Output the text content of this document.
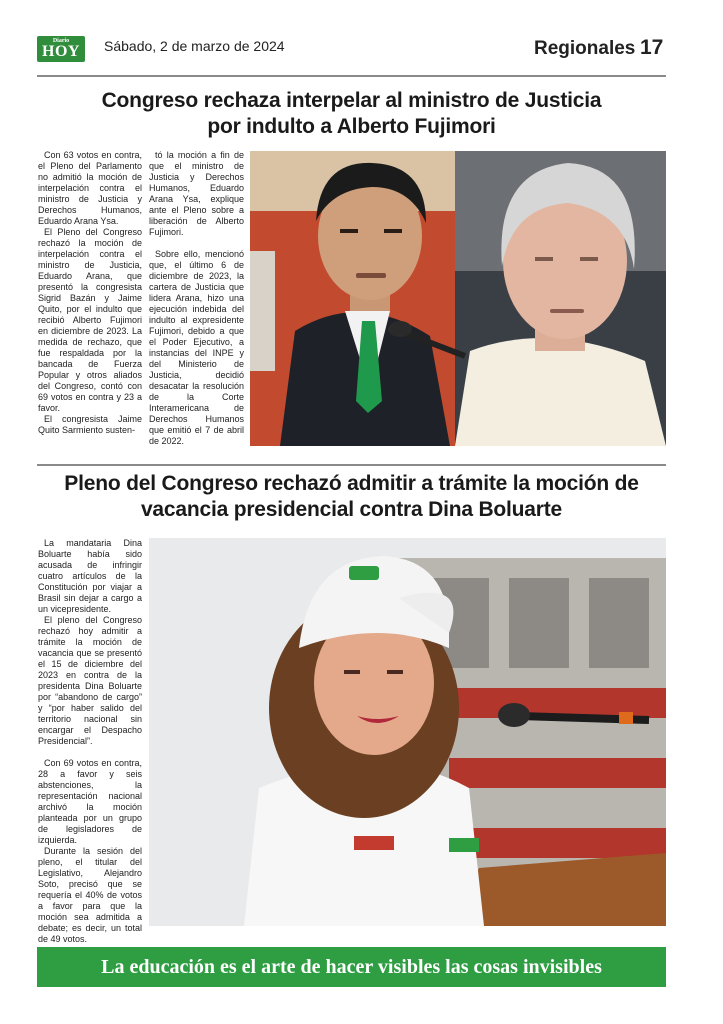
Diario
HOY	Sábado, 2 de marzo de 2024	Regionales 17
Congreso rechaza interpelar al ministro de Justicia
por indulto a Alberto Fujimori

Con 63 votos en contra, el Pleno del Parlamento no admitió la moción de interpelación contra el ministro de Justicia y Derechos Humanos, Eduardo Arana Ysa.

El Pleno del Congreso rechazó la moción de interpelación contra el ministro de Justicia, Eduardo Arana, que presentó la congresista Sigrid Bazán y Jaime Quito, por el indulto que recibió Alberto Fujimori en diciembre de 2023. La medida de rechazo, que fue respaldada por la bancada de Fuerza Popular y otros aliados del Congreso, contó con 69 votos en contra y 23 a favor.

El congresista Jaime Quito Sarmiento susten-

tó la moción a fin de que el ministro de Justicia y Derechos Humanos, Eduardo Arana Ysa, explique ante el Pleno sobre a liberación de Alberto Fujimori.

Sobre ello, mencionó que, el último 6 de diciembre de 2023, la cartera de Justicia que lidera Arana, hizo una ejecución indebida del indulto al expresidente Fujimori, debido a que el Poder Ejecutivo, a instancias del INPE y del Ministerio de Justicia, decidió desacatar la resolución de la Corte Interamericana de Derechos Humanos que emitió el 7 de abril de 2022.

Pleno del Congreso rechazó admitir a trámite la moción de
vacancia presidencial contra Dina Boluarte

La mandataria Dina Boluarte había sido acusada de infringir cuatro artículos de la Constitución por viajar a Brasil sin dejar a cargo a un vicepresidente.

El pleno del Congreso rechazó hoy admitir a trámite la moción de vacancia que se presentó el 15 de diciembre del 2023 en contra de la presidenta Dina Boluarte por “abandono de cargo” y “por haber salido del territorio nacional sin encargar el Despacho Presidencial”.

Con 69 votos en contra, 28 a favor y seis abstenciones, la representación nacional archivó la moción planteada por un grupo de legisladores de izquierda.

Durante la sesión del pleno, el titular del Legislativo, Alejandro Soto, precisó que se requería el 40% de votos a favor para que la moción sea admitida a debate; es decir, un total de 49 votos.

La educación es el arte de hacer visibles las cosas invisibles
